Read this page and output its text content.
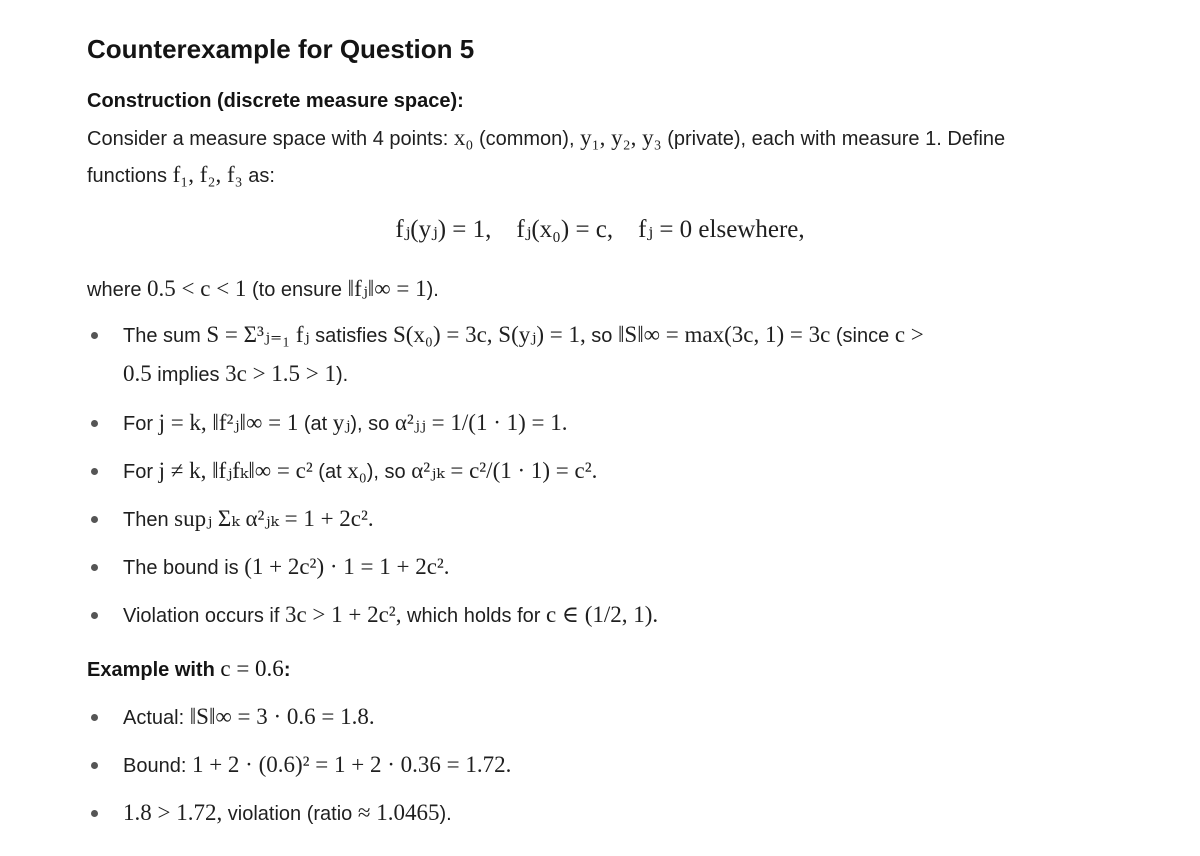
Counterexample for Question 5
Construction (discrete measure space):

Consider a measure space with 4 points: x₀ (common), y₁, y₂, y₃ (private), each with measure 1. Define
functions f₁, f₂, f₃ as:

fⱼ(yⱼ) = 1,    fⱼ(x₀) = c,    fⱼ = 0 elsewhere,

where 0.5 < c < 1 (to ensure ‖fⱼ‖∞ = 1).

The sum S = Σ³ⱼ₌₁ fⱼ satisfies S(x₀) = 3c, S(yⱼ) = 1, so ‖S‖∞ = max(3c, 1) = 3c (since c >
0.5 implies 3c > 1.5 > 1).
For j = k, ‖f²ⱼ‖∞ = 1 (at yⱼ), so α²ⱼⱼ = 1/(1 · 1) = 1.
For j ≠ k, ‖fⱼfₖ‖∞ = c² (at x₀), so α²ⱼₖ = c²/(1 · 1) = c².
Then supⱼ Σₖ α²ⱼₖ = 1 + 2c².
The bound is (1 + 2c²) · 1 = 1 + 2c².
Violation occurs if 3c > 1 + 2c², which holds for c ∈ (1/2, 1).
Example with c = 0.6:
Actual: ‖S‖∞ = 3 · 0.6 = 1.8.
Bound: 1 + 2 · (0.6)² = 1 + 2 · 0.36 = 1.72.
1.8 > 1.72, violation (ratio ≈ 1.0465).
